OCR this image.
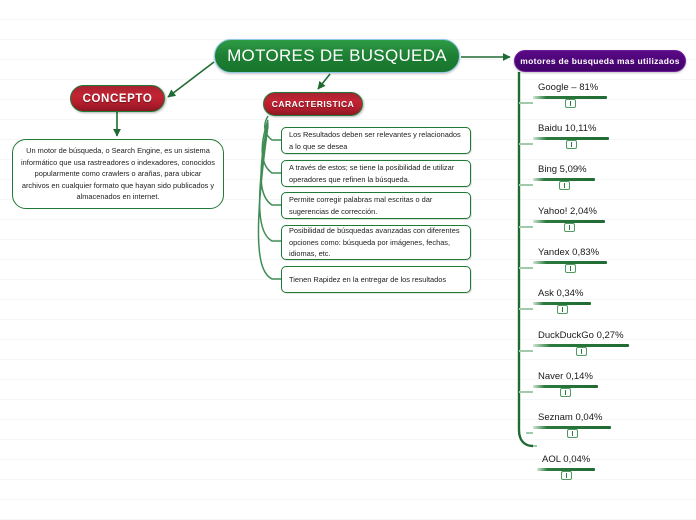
MOTORES DE BUSQUEDA
CONCEPTO

Un motor de búsqueda, o Search Engine, es un sistema informático que usa rastreadores o indexadores, conocidos popularmente como crawlers o arañas, para ubicar archivos en cualquier formato que hayan sido publicados y almacenados en internet.

CARACTERISTICA

Los Resultados deben ser relevantes y relacionados a lo que se desea

A través de estos; se tiene la posibilidad de utilizar operadores que refinen la búsqueda.

Permite corregir palabras mal escritas o dar sugerencias de corrección.

Posibilidad de búsquedas avanzadas con diferentes opciones como: búsqueda por imágenes, fechas, idiomas, etc.

Tienen Rapidez en la entregar de los resultados

motores de busqueda mas utilizados
Google – 81%
Baidu 10,11%
Bing 5,09%
Yahoo! 2,04%
Yandex 0,83%
Ask 0,34%
DuckDuckGo 0,27%
Naver 0,14%
Seznam 0,04%
AOL 0,04%
